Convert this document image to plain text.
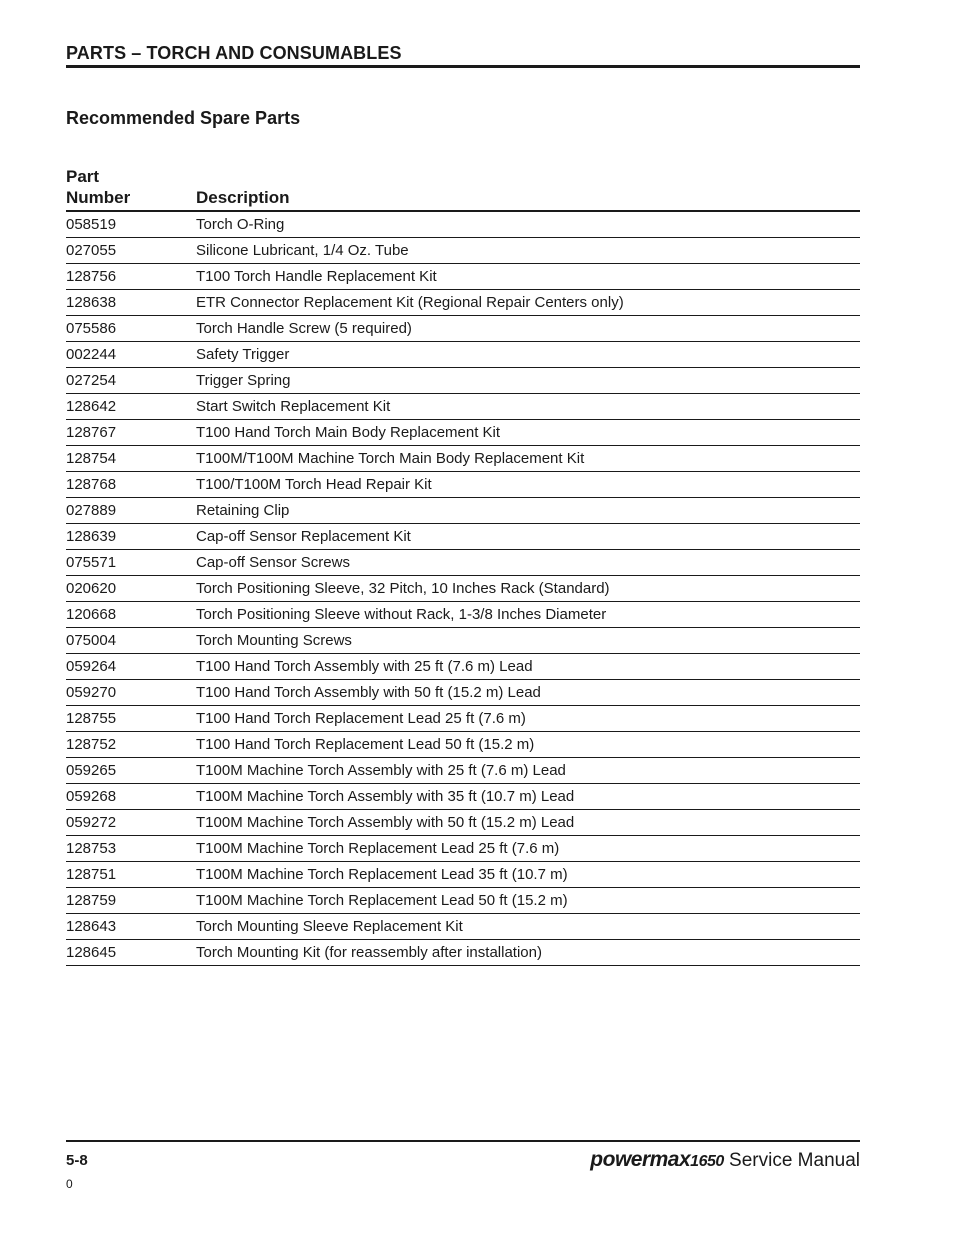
PARTS – TORCH AND CONSUMABLES
Recommended Spare Parts
Part
Number	Description
058519	Torch O-Ring
027055	Silicone Lubricant, 1/4 Oz. Tube
128756	T100 Torch Handle Replacement Kit
128638	ETR Connector Replacement Kit (Regional Repair Centers only)
075586	Torch Handle Screw (5 required)
002244	Safety Trigger
027254	Trigger Spring
128642	Start Switch Replacement Kit
128767	T100 Hand Torch Main Body Replacement Kit
128754	T100M/T100M Machine Torch Main Body Replacement Kit
128768	T100/T100M Torch Head Repair Kit
027889	Retaining Clip
128639	Cap-off Sensor Replacement Kit
075571	Cap-off Sensor Screws
020620	Torch Positioning Sleeve, 32 Pitch, 10 Inches Rack (Standard)
120668	Torch Positioning Sleeve without Rack, 1-3/8 Inches Diameter
075004	Torch Mounting Screws
059264	T100 Hand Torch Assembly with 25 ft (7.6 m) Lead
059270	T100 Hand Torch Assembly with 50 ft (15.2 m) Lead
128755	T100 Hand Torch Replacement Lead 25 ft (7.6 m)
128752	T100 Hand Torch Replacement Lead 50 ft (15.2 m)
059265	T100M Machine Torch Assembly with 25 ft (7.6 m) Lead
059268	T100M Machine Torch Assembly with 35 ft (10.7 m) Lead
059272	T100M Machine Torch Assembly with 50 ft (15.2 m) Lead
128753	T100M Machine Torch Replacement Lead 25 ft (7.6 m)
128751	T100M Machine Torch Replacement Lead 35 ft (10.7 m)
128759	T100M Machine Torch Replacement Lead 50 ft (15.2 m)
128643	Torch Mounting Sleeve Replacement Kit
128645	Torch Mounting Kit (for reassembly after installation)
5-8
0
powermax1650 Service Manual
